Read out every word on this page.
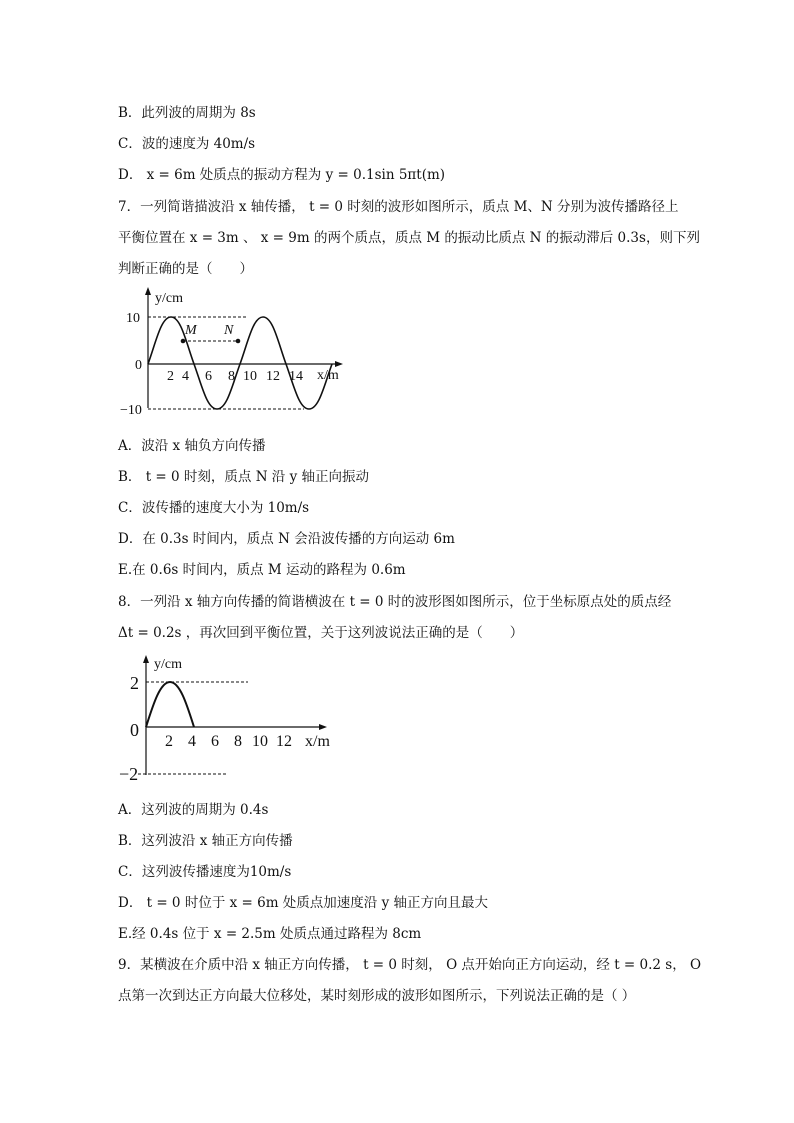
B．此列波的周期为 8s
C．波的速度为 40m/s
D． x = 6m 处质点的振动方程为 y = 0.1sin 5πt(m)
7．一列简谐描波沿 x 轴传播， t = 0 时刻的波形如图所示，质点 M、N 分别为波传播路径上
平衡位置在 x = 3m 、 x = 9m 的两个质点，质点 M 的振动比质点 N 的振动滞后 0.3s，则下列
判断正确的是（　　）
M N
y/cm
x/m
10
0
−10
2 4 6 8 10 12 14
A．波沿 x 轴负方向传播
B． t = 0 时刻，质点 N 沿 y 轴正向振动
C．波传播的速度大小为 10m/s
D．在 0.3s 时间内，质点 N 会沿波传播的方向运动 6m
E.在 0.6s 时间内，质点 M 运动的路程为 0.6m
8．一列沿 x 轴方向传播的简谐横波在 t = 0 时的波形图如图所示，位于坐标原点处的质点经
Δt = 0.2s ，再次回到平衡位置，关于这列波说法正确的是（　　）
y/cm
x/m
2
0
−2
2 4 6 8 10 12
A．这列波的周期为 0.4s
B．这列波沿 x 轴正方向传播
C．这列波传播速度为10m/s
D． t = 0 时位于 x = 6m 处质点加速度沿 y 轴正方向且最大
E.经 0.4s 位于 x = 2.5m 处质点通过路程为 8cm
9．某横波在介质中沿 x 轴正方向传播， t = 0 时刻， O 点开始向正方向运动，经 t = 0.2 s， O
点第一次到达正方向最大位移处，某时刻形成的波形如图所示，下列说法正确的是（ ）
